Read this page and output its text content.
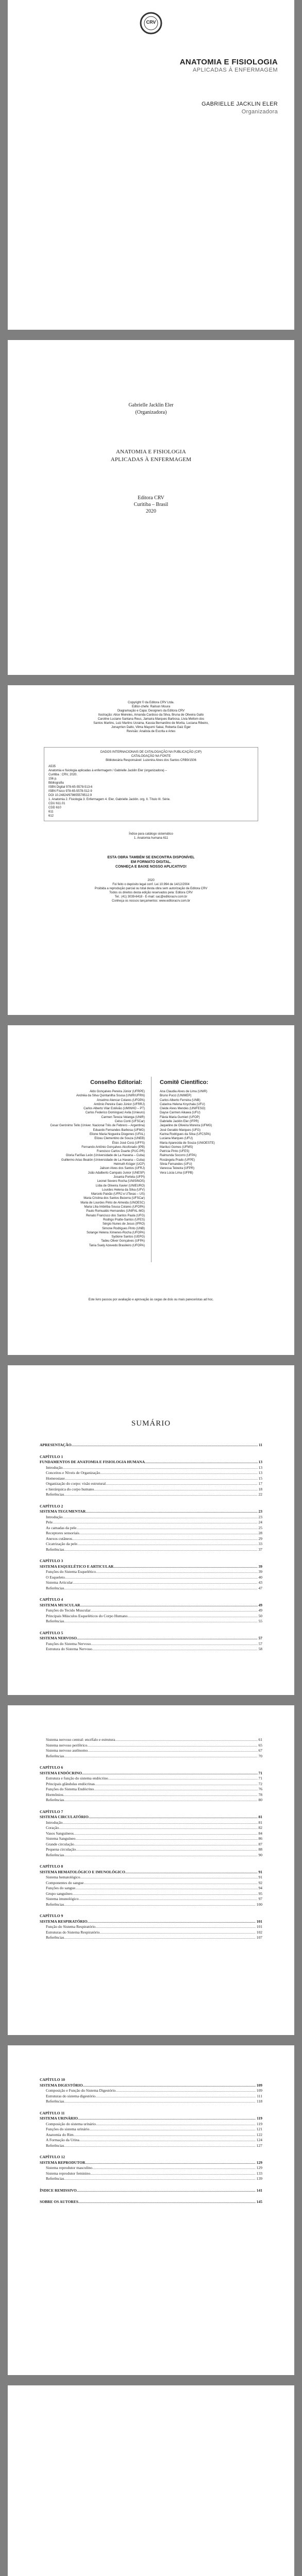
CRV
ANATOMIA E FISIOLOGIA
APLICADAS À ENFERMAGEM
GABRIELLE JACKLIN ELER
Organizadora
Gabrielle Jacklin Eler
(Organizadora)
ANATOMIA E FISIOLOGIA
APLICADAS À ENFERMAGEM
Editora CRV
Curitiba – Brasil
2020
Copyright © da Editora CRV Ltda.
Editor-chefe: Railson Moura
Diagramação e Capa: Designers da Editora CRV
Ilustração: Alice Meireles, Amanda Cardoso da Silva, Bruna de Oliveira Gallo
Caroline Luciane Santana Reus, Jamaira Marques Barbosa, Livia Mellom dos
Santos Martins, Luiz Martins Ucraina, Kassia Bernardino de Morita, Luciana Ribeiro,
Jonayrrien Dalto, Vilma Mayumi Sakai, Roberta Gaiz Eger
Revisão: Analista de Escrita e Artes
DADOS INTERNACIONAIS DE CATALOGAÇÃO NA PUBLICAÇÃO (CIP)
CATALOGAÇÃO NA FONTE
Bibliotecária Responsável: Luzenira Alves dos Santos CRB9/1506
A535
Anatomia e fisiologia aplicadas à enfermagem / Gabrielle Jacklin Eler (organizadora) –
Curitiba : CRV, 2020.
156 p.
Bibliografia
ISBN Digital 978-65-5578-513-6
ISBN Físico 978-65-5578-512-9
DOI 10.24824/978655578512.9
1. Anatomia 2. Fisiologia 3. Enfermagem 4. Eler, Gabrielle Jacklin. org. II. Título III. Série.
CDU 611.01
CDD 610
611
612
Índice para catálogo sistemático
1. Anatomia humana 611
ESTA OBRA TAMBÉM SE ENCONTRA DISPONÍVEL
EM FORMATO DIGITAL.
CONHEÇA E BAIXE NOSSO APLICATIVO!
2020
Foi feito o depósito legal conf. Lei 10.994 de 14/12/2004
Proibida a reprodução parcial ou total desta obra sem autorização da Editora CRV
Todos os direitos desta edição reservados pela: Editora CRV
Tel.: (41) 3039-6418 - E-mail: sac@editoracrv.com.br
Conheça os nossos lançamentos: www.editoracrv.com.br
Conselho Editorial:	Comitê Científico:
Aldo Gonçalves Pereira Júnior (UFRPE)
Andréia da Silva Quintanilha Sousa (UNIR/UFRN)
Anselmo Alencar Colares (UFOPA)
Antônio Pereira Gaio Júnior (UFRRJ)
Carlos Alberto Vilar Estêvão (UMINHO – PT)
Carlos Federico Dominguez Avila (Unieuro)
Carmen Tereza Velanga (UNIR)
Celso Conti (UFSCar)
Cesar Gerónimo Tello (Univer. Nacional Três de Febrero – Argentina)
Eduardo Fernandes Barbosa (UFMG)
Elione Maria Nogueira Diogenes (UFAL)
Elizeu Clementino de Souza (UNEB)
Élsio José Corá (UFFS)
Fernando Antônio Gonçalves Alcoforado (IPB)
Francisco Carlos Duarte (PUC-PR)
Gloria Fariñas León (Universidade de La Havana – Cuba)
Guillermo Arias Beatón (Universidade de La Havana – Cuba)
Helmuth Krüger (UCP)
Jailson Alves dos Santos (UFRJ)
João Adalberto Campato Junior (UNESP)
Josania Portela (UFPI)
Leonel Severo Rocha (UNISINOS)
Lídia de Oliveira Xavier (UNIEURO)
Lourdes Helena da Silva (UFV)
Marcelo Paixão (UFRJ e UTexas – US)
Maria Cristina dos Santos Bezerra (UFSCar)
Maria de Lourdes Pinto de Almeida (UNOESC)
Maria Lília Imbiriba Sousa Colares (UFOPA)
Paulo Romualdo Hernandes (UNIFAL-MG)
Renato Francisco dos Santos Paula (UFG)
Rodrigo Pratte-Santos (UFES)
Sérgio Nunes de Jesus (IFRO)
Simone Rodrigues Pinto (UNB)
Solange Helena Ximenes-Rocha (UFOPA)
Sydione Santos (UEPG)
Tadeu Oliver Gonçalves (UFPA)
Tania Suely Azevedo Brasileiro (UFOPA)
Ana Claudia Alves de Lima (UNIR)
Bruno Pucci (UNIMEP)
Carlos Alberto Ferreira (UNB)
Catarina Helena Knychala (UFU)
Cleide Alves Mendes (UNIFESO)
Dayse Carmen Aikawa (UFU)
Flávia Maria Gumieri (UFOP)
Gabrielle Jacklin Eler (IFPR)
Jaqueline de Oliveira Moreira (UFMG)
José Geraldo Marques (UFG)
Karina Rodrigues da Silva (UFCSPA)
Luciana Marques (UFU)
Maria Aparecida de Souza (UNIOESTE)
Mariluci Gomes (UFMS)
Patrícia Pinto (UFES)
Raimunda Socorro (UFPA)
Rosângela Prado (UFPE)
Silvia Fernandes (UFU)
Vanessa Teixeira (UFPR)
Vera Lúcia Lima (UFPB)
Este livro passou por avaliação e aprovação às cegas de dois ou mais pareceristas ad hoc.
SUMÁRIO
APRESENTAÇÃO .....	11
CAPÍTULO 1
FUNDAMENTOS DE ANATOMIA E FISIOLOGIA HUMANA .....	13
Introdução .....	13
Conceitos e Níveis de Organização .....	13
Homeostase .....	15
Organização do corpo: visão estrutural .....	17
e hierárquica do corpo humano .....	18
Referências .....	22
CAPÍTULO 2
SISTEMA TEGUMENTAR .....	23
Introdução .....	23
Pele .....	24
As camadas da pele .....	25
Receptores sensoriais .....	28
Anexos cutâneos .....	29
Cicatrização da pele .....	33
Referências .....	37
CAPÍTULO 3
SISTEMA ESQUELÉTICO E ARTICULAR .....	39
Funções do Sistema Esquelético .....	39
O Esqueleto .....	40
Sistema Articular .....	43
Referências .....	47
CAPÍTULO 4
SISTEMA MUSCULAR .....	49
Funções do Tecido Muscular .....	49
Principais Músculos Esqueléticos do Corpo Humano .....	50
Referências .....	55
CAPÍTULO 5
SISTEMA NERVOSO .....	57
Funções do Sistema Nervoso .....	57
Estrutura do Sistema Nervoso .....	58
Sistema nervoso central: encéfalo e estrutura .....	61
Sistema nervoso periférico .....	65
Sistema nervoso autônomo .....	67
Referências .....	70
CAPÍTULO 6
SISTEMA ENDÓCRINO .....	71
Estrutura e função do sistema endócrino .....	71
Principais glândulas endócrinas .....	72
Funções do Sistema Endócrino .....	76
Hormônios .....	78
Referências .....	80
CAPÍTULO 7
SISTEMA CIRCULATÓRIO .....	81
Introdução .....	81
Coração .....	82
Vasos Sanguíneos .....	84
Sistema Sanguíneo .....	86
Grande circulação .....	87
Pequena circulação .....	88
Referências .....	90
CAPÍTULO 8
SISTEMA HEMATOLÓGICO E IMUNOLÓGICO .....	91
Sistema hematológico .....	91
Componentes do sangue .....	92
Funções do sangue .....	94
Grupo sanguíneo .....	95
Sistema imunológico .....	97
Referências .....	100
CAPÍTULO 9
SISTEMA RESPIRATÓRIO .....	101
Função do Sistema Respiratório .....	101
Estruturas do Sistema Respiratório .....	102
Referências .....	107
CAPÍTULO 10
SISTEMA DIGESTÓRIO .....	109
Composição e Função do Sistema Digestório .....	109
Estruturas do sistema digestório .....	111
Referências .....	118
CAPÍTULO 11
SISTEMA URINÁRIO .....	119
Composição do sistema urinário .....	119
Funções do sistema urinário .....	121
Anatomia do Rim .....	122
A Formação da Urina .....	124
Referências .....	127
CAPÍTULO 12
SISTEMA REPRODUTOR .....	129
Sistema reprodutor masculino .....	129
Sistema reprodutor feminino .....	133
Referências .....	139
ÍNDICE REMISSIVO .....	141
SOBRE OS AUTORES .....	145
